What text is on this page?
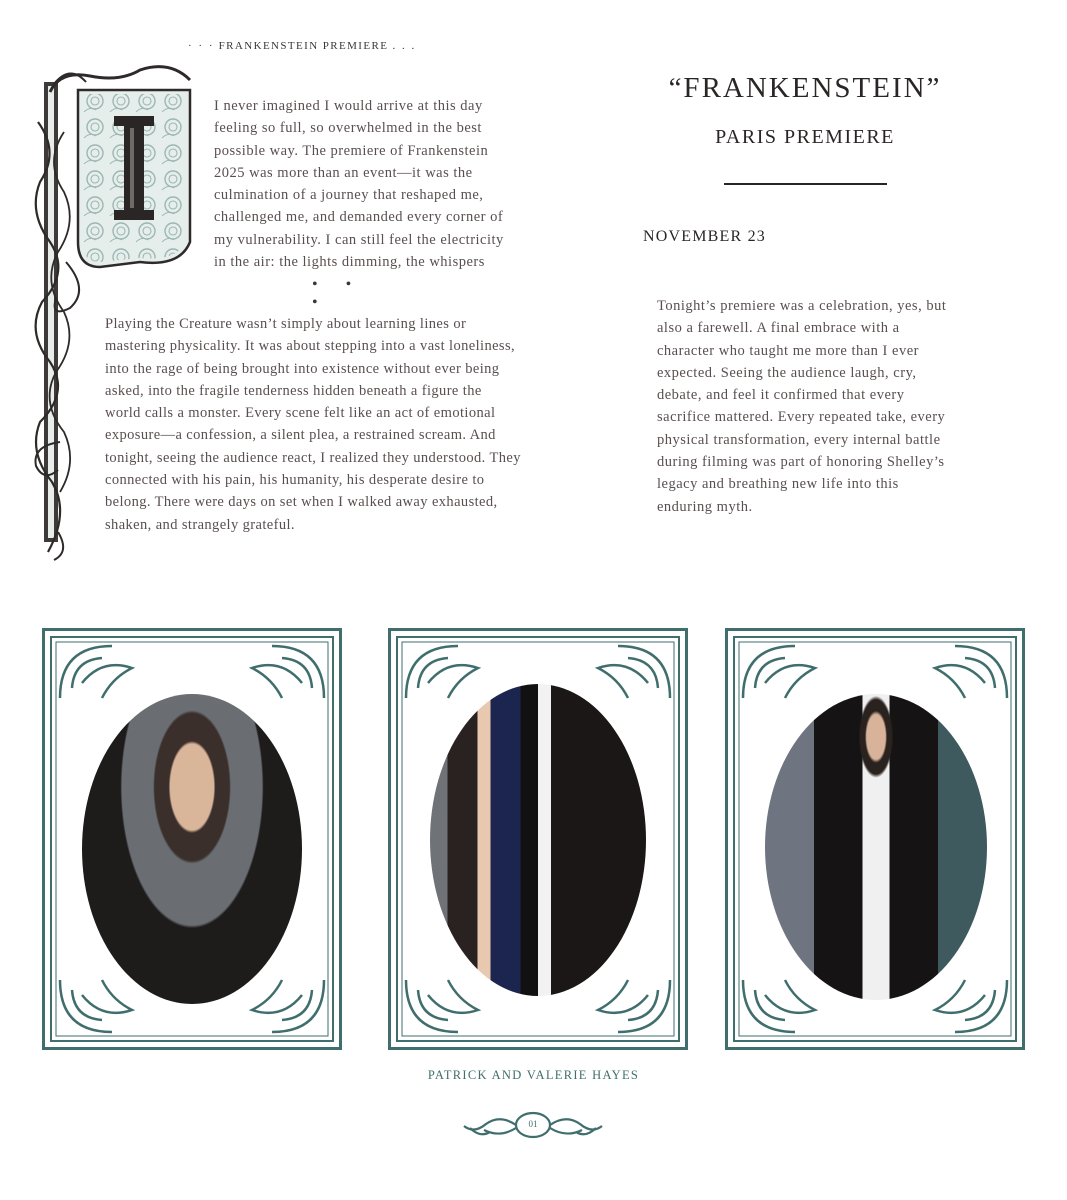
· · · FRANKENSTEIN PREMIERE . . .
I never imagined I would arrive at this day
feeling so full, so overwhelmed in the best
possible way. The premiere of Frankenstein
2025 was more than an event—it was the
culmination of a journey that reshaped me,
challenged me, and demanded every corner of
my vulnerability. I can still feel the electricity
in the air: the lights dimming, the whispers
• • •
Playing the Creature wasn’t simply about learning lines or
mastering physicality. It was about stepping into a vast loneliness,
into the rage of being brought into existence without ever being
asked, into the fragile tenderness hidden beneath a figure the
world calls a monster. Every scene felt like an act of emotional
exposure—a confession, a silent plea, a restrained scream. And
tonight, seeing the audience react, I realized they understood. They
connected with his pain, his humanity, his desperate desire to
belong. There were days on set when I walked away exhausted,
shaken, and strangely grateful.
“FRANKENSTEIN”
PARIS PREMIERE
NOVEMBER 23
Tonight’s premiere was a celebration, yes, but
also a farewell. A final embrace with a
character who taught me more than I ever
expected. Seeing the audience laugh, cry,
debate, and feel it confirmed that every
sacrifice mattered. Every repeated take, every
physical transformation, every internal battle
during filming was part of honoring Shelley’s
legacy and breathing new life into this
enduring myth.
PATRICK AND VALERIE HAYES
01
